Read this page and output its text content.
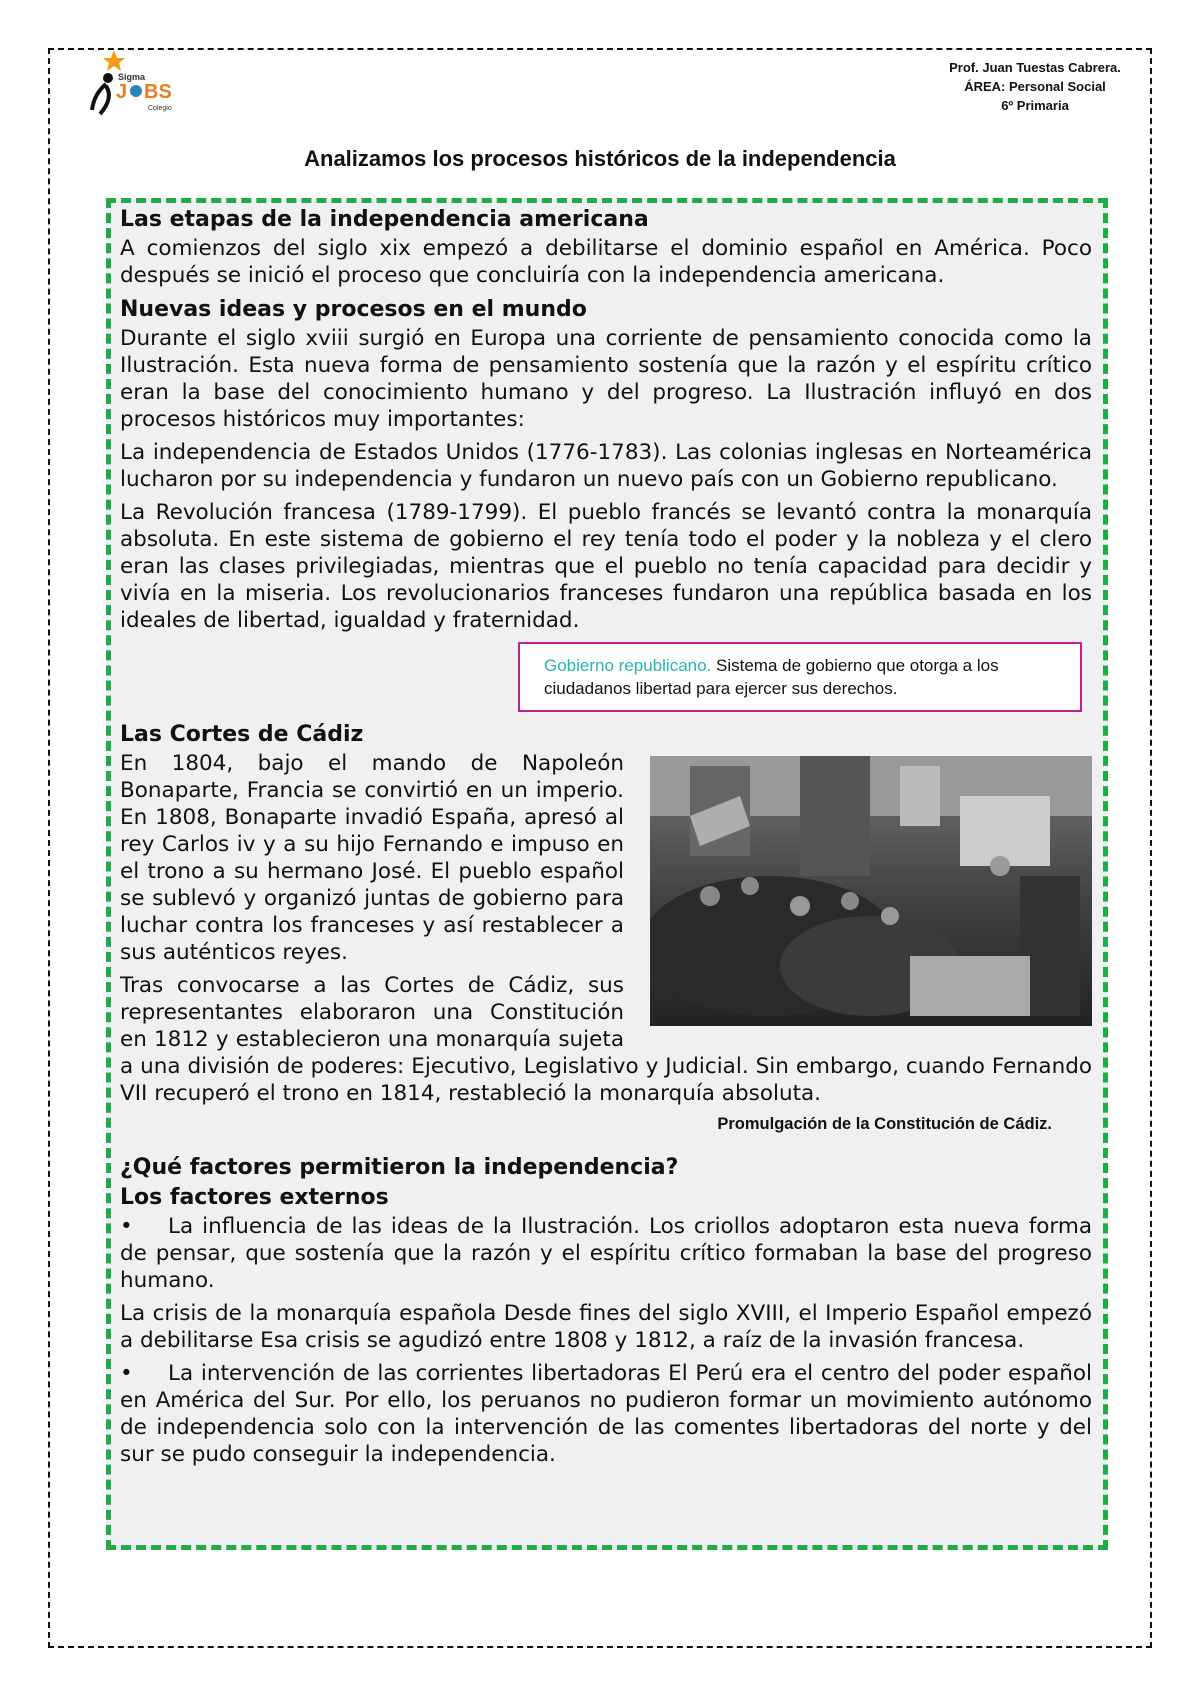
Sigma
J BS
Colegio
Prof. Juan Tuestas Cabrera.
ÁREA: Personal Social
6º Primaria
Analizamos los procesos históricos de la independencia
Las etapas de la independencia americana

A comienzos del siglo xix empezó a debilitarse el dominio español en América. Poco después se inició el proceso que concluiría con la independencia americana.

Nuevas ideas y procesos en el mundo

Durante el siglo xviii surgió en Europa una corriente de pensamiento conocida como la Ilustración. Esta nueva forma de pensamiento sostenía que la razón y el espíritu crítico eran la base del conocimiento humano y del progreso. La Ilustración influyó en dos procesos históricos muy importantes:

La independencia de Estados Unidos (1776-1783). Las colonias inglesas en Norteamérica lucharon por su independencia y fundaron un nuevo país con un Gobierno republicano.

La Revolución francesa (1789-1799). El pueblo francés se levantó contra la monarquía absoluta. En este sistema de gobierno el rey tenía todo el poder y la nobleza y el clero eran las clases privilegiadas, mientras que el pueblo no tenía capacidad para decidir y vivía en la miseria. Los revolucionarios franceses fundaron una república basada en los ideales de libertad, igualdad y fraternidad.

Gobierno republicano. Sistema de gobierno que otorga a los ciudadanos libertad para ejercer sus derechos.
Las Cortes de Cádiz

En 1804, bajo el mando de Napoleón Bonaparte, Francia se convirtió en un imperio. En 1808, Bonaparte invadió España, apresó al rey Carlos iv y a su hijo Fernando e impuso en el trono a su hermano José. El pueblo español se sublevó y organizó juntas de gobierno para luchar contra los franceses y así restablecer a sus auténticos reyes.

Tras convocarse a las Cortes de Cádiz, sus representantes elaboraron una Constitución en 1812 y establecieron una monarquía sujeta a una división de poderes: Ejecutivo, Legislativo y Judicial. Sin embargo, cuando Fernando VII recuperó el trono en 1814, restableció la monarquía absoluta.

Promulgación de la Constitución de Cádiz.
¿Qué factores permitieron la independencia?
Los factores externos

• La influencia de las ideas de la Ilustración. Los criollos adoptaron esta nueva forma de pensar, que sostenía que la razón y el espíritu crítico formaban la base del progreso humano.

La crisis de la monarquía española Desde fines del siglo XVIII, el Imperio Español empezó a debilitarse Esa crisis se agudizó entre 1808 y 1812, a raíz de la invasión francesa.

• La intervención de las corrientes libertadoras El Perú era el centro del poder español en América del Sur. Por ello, los peruanos no pudieron formar un movimiento autónomo de independencia solo con la intervención de las comentes libertadoras del norte y del sur se pudo conseguir la independencia.
